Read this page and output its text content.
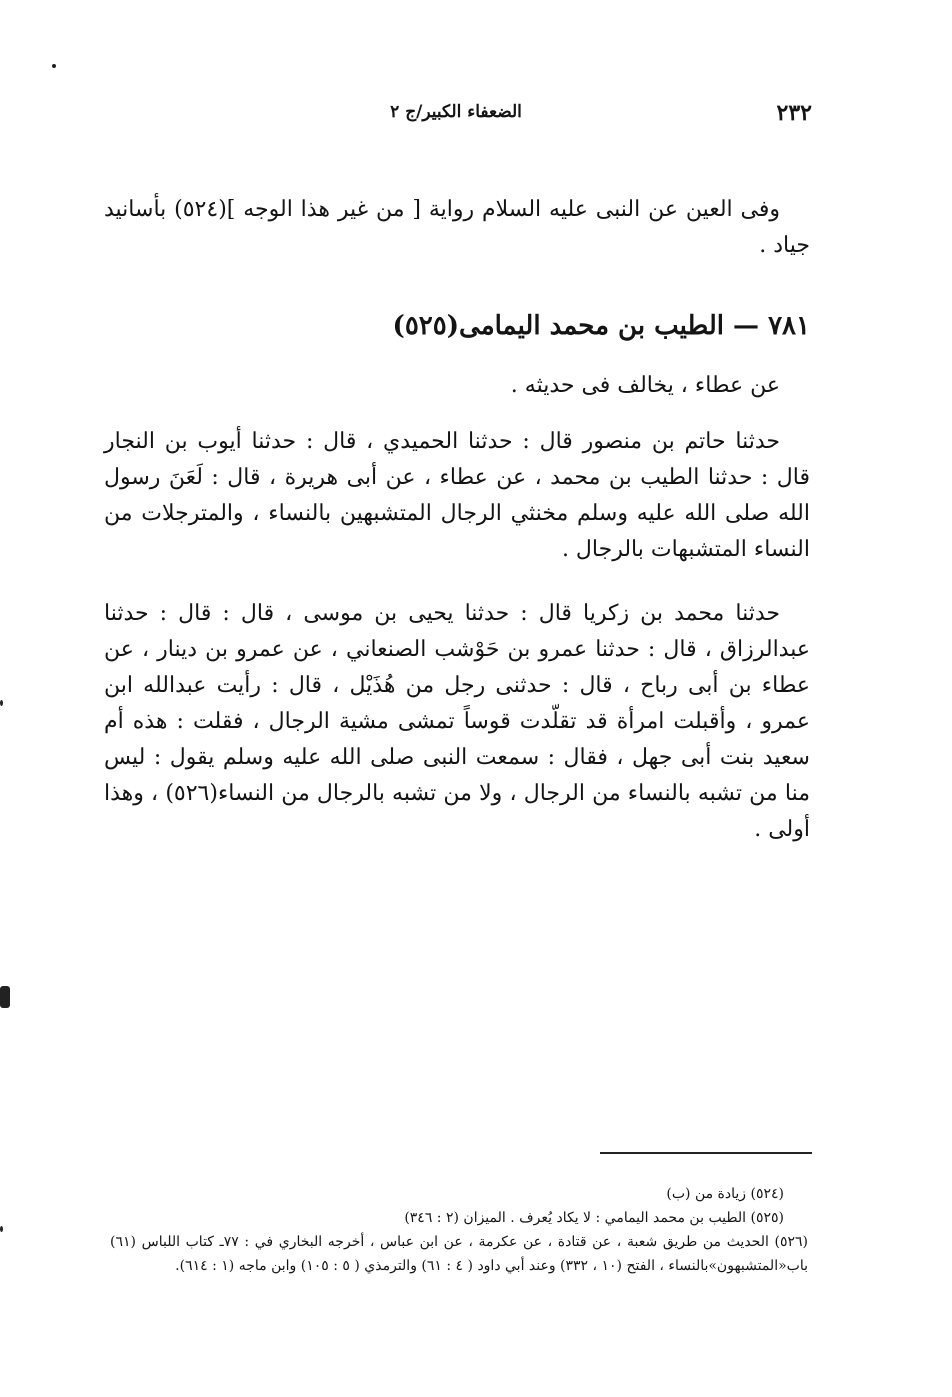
٢٣٢
الضعفاء الكبير/ج ٢
وفى العين عن النبى عليه السلام رواية [ من غير هذا الوجه ](٥٢٤) بأسانيد جياد .
٧٨١ — الطيب بن محمد اليمامى(٥٢٥)
عن عطاء ، يخالف فى حديثه .
حدثنا حاتم بن منصور قال : حدثنا الحميدي ، قال : حدثنا أيوب بن النجار قال : حدثنا الطيب بن محمد ، عن عطاء ، عن أبى هريرة ، قال : لَعَنَ رسول الله صلى الله عليه وسلم مخنثي الرجال المتشبهين بالنساء ، والمترجلات من النساء المتشبهات بالرجال .
حدثنا محمد بن زكريا قال : حدثنا يحيى بن موسى ، قال : قال : حدثنا عبدالرزاق ، قال : حدثنا عمرو بن حَوْشب الصنعاني ، عن عمرو بن دينار ، عن عطاء بن أبى رباح ، قال : حدثنى رجل من هُذَيْل ، قال : رأيت عبدالله ابن عمرو ، وأقبلت امرأة قد تقلّدت قوساً تمشى مشية الرجال ، فقلت : هذه أم سعيد بنت أبى جهل ، فقال : سمعت النبى صلى الله عليه وسلم يقول : ليس منا من تشبه بالنساء من الرجال ، ولا من تشبه بالرجال من النساء(٥٢٦) ، وهذا أولى .

(٥٢٤) زيادة من (ب)

(٥٢٥) الطيب بن محمد اليمامي : لا يكاد يُعرف . الميزان (٢ : ٣٤٦)

(٥٢٦) الحديث من طريق شعبة ، عن قتادة ، عن عكرمة ، عن ابن عباس ، أخرجه البخاري في : ٧٧ـ كتاب اللباس (٦١) باب«المتشبهون»بالنساء ، الفتح (١٠ ، ٣٣٢) وعند أبي داود ( ٤ : ٦١) والترمذي ( ٥ : ١٠٥) وابن ماجه (١ : ٦١٤).
